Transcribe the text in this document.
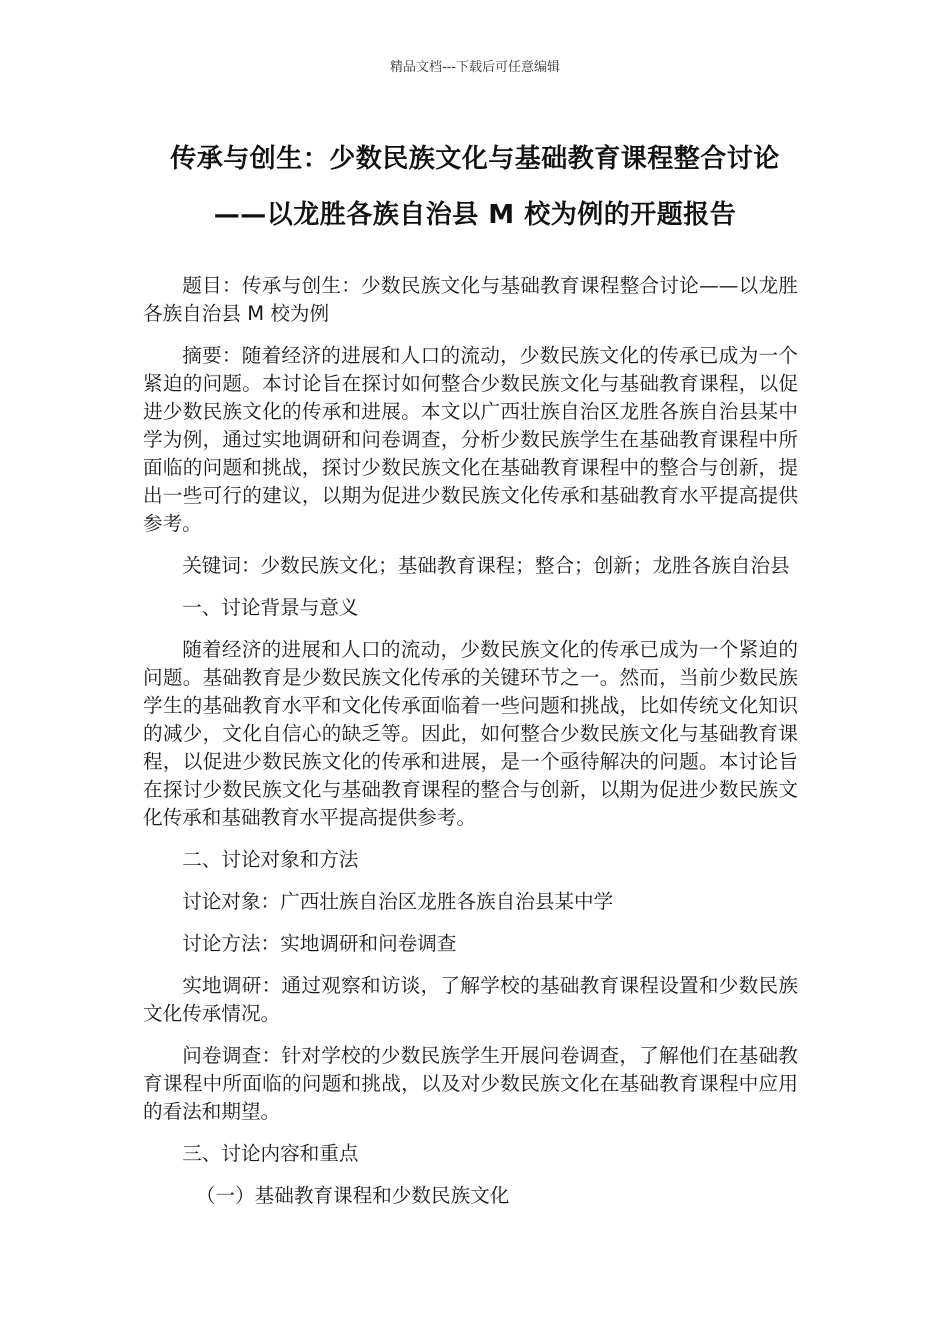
精品文档---下载后可任意编辑
传承与创生：少数民族文化与基础教育课程整合讨论
——以龙胜各族自治县 M 校为例的开题报告

题目：传承与创生：少数民族文化与基础教育课程整合讨论——以龙胜各族自治县 M 校为例

摘要：随着经济的进展和人口的流动，少数民族文化的传承已成为一个紧迫的问题。本讨论旨在探讨如何整合少数民族文化与基础教育课程，以促进少数民族文化的传承和进展。本文以广西壮族自治区龙胜各族自治县某中学为例，通过实地调研和问卷调查，分析少数民族学生在基础教育课程中所面临的问题和挑战，探讨少数民族文化在基础教育课程中的整合与创新，提出一些可行的建议，以期为促进少数民族文化传承和基础教育水平提高提供参考。

关键词：少数民族文化；基础教育课程；整合；创新；龙胜各族自治县

一、讨论背景与意义

随着经济的进展和人口的流动，少数民族文化的传承已成为一个紧迫的问题。基础教育是少数民族文化传承的关键环节之一。然而，当前少数民族学生的基础教育水平和文化传承面临着一些问题和挑战，比如传统文化知识的减少，文化自信心的缺乏等。因此，如何整合少数民族文化与基础教育课程，以促进少数民族文化的传承和进展，是一个亟待解决的问题。本讨论旨在探讨少数民族文化与基础教育课程的整合与创新，以期为促进少数民族文化传承和基础教育水平提高提供参考。

二、讨论对象和方法

讨论对象：广西壮族自治区龙胜各族自治县某中学

讨论方法：实地调研和问卷调查

实地调研：通过观察和访谈，了解学校的基础教育课程设置和少数民族文化传承情况。

问卷调查：针对学校的少数民族学生开展问卷调查，了解他们在基础教育课程中所面临的问题和挑战，以及对少数民族文化在基础教育课程中应用的看法和期望。

三、讨论内容和重点

（一）基础教育课程和少数民族文化
